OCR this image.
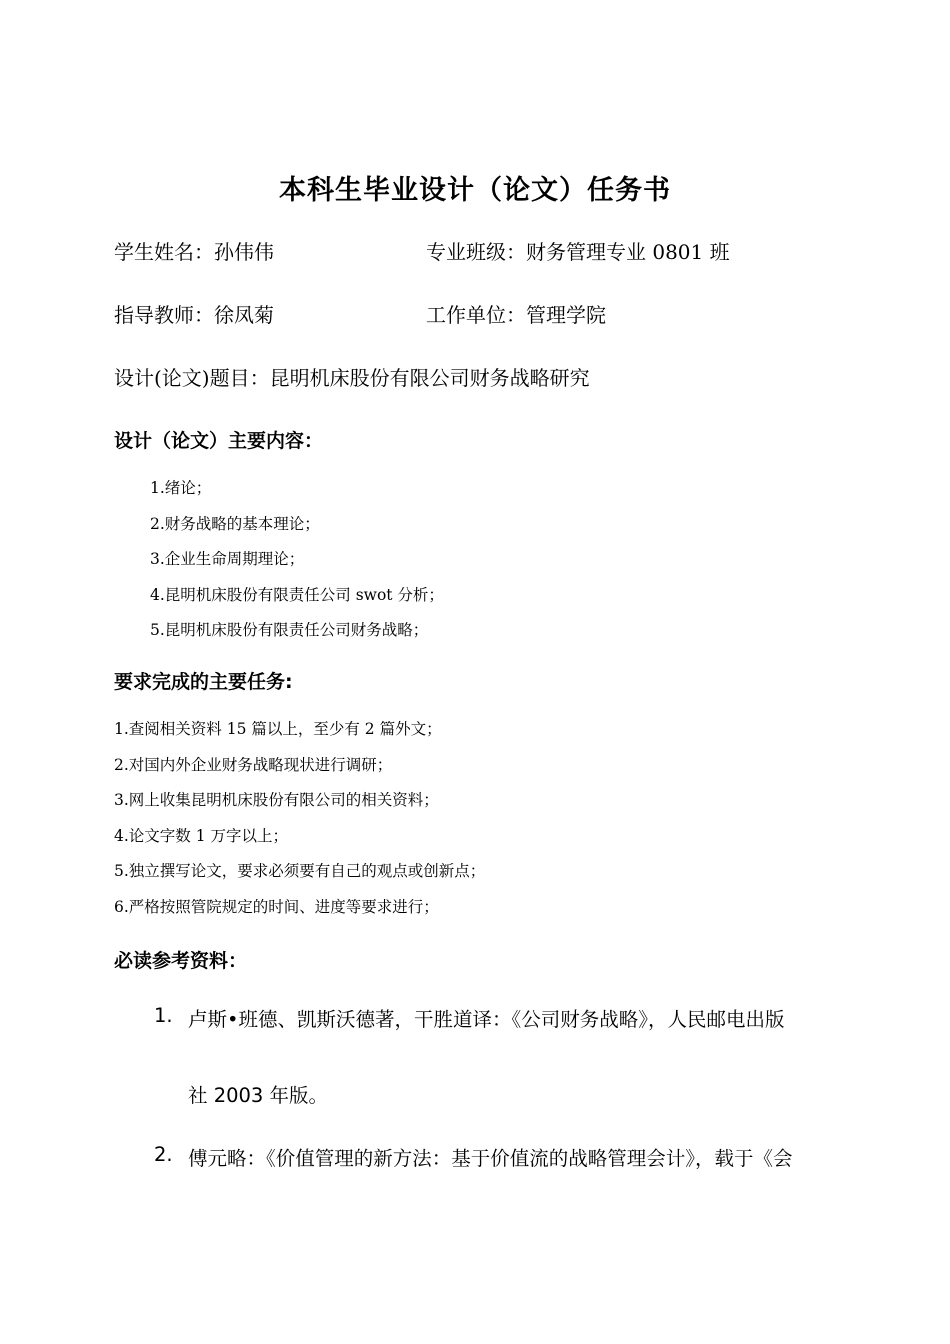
本科生毕业设计（论文）任务书
学生姓名：孙伟伟	专业班级：财务管理专业 0801 班
指导教师：徐凤菊	工作单位：管理学院
设计(论文)题目：昆明机床股份有限公司财务战略研究
设计（论文）主要内容：
1.绪论；
2.财务战略的基本理论；
3.企业生命周期理论；
4.昆明机床股份有限责任公司 swot 分析；
5.昆明机床股份有限责任公司财务战略；
要求完成的主要任务:
1.查阅相关资料 15 篇以上，至少有 2 篇外文；
2.对国内外企业财务战略现状进行调研；
3.网上收集昆明机床股份有限公司的相关资料；
4.论文字数 1 万字以上；
5.独立撰写论文，要求必须要有自己的观点或创新点；
6.严格按照管院规定的时间、进度等要求进行；
必读参考资料：
1. 卢斯•班德、凯斯沃德著，干胜道译：《公司财务战略》，人民邮电出版
社 2003 年版。
2. 傅元略：《价值管理的新方法：基于价值流的战略管理会计》，载于《会
